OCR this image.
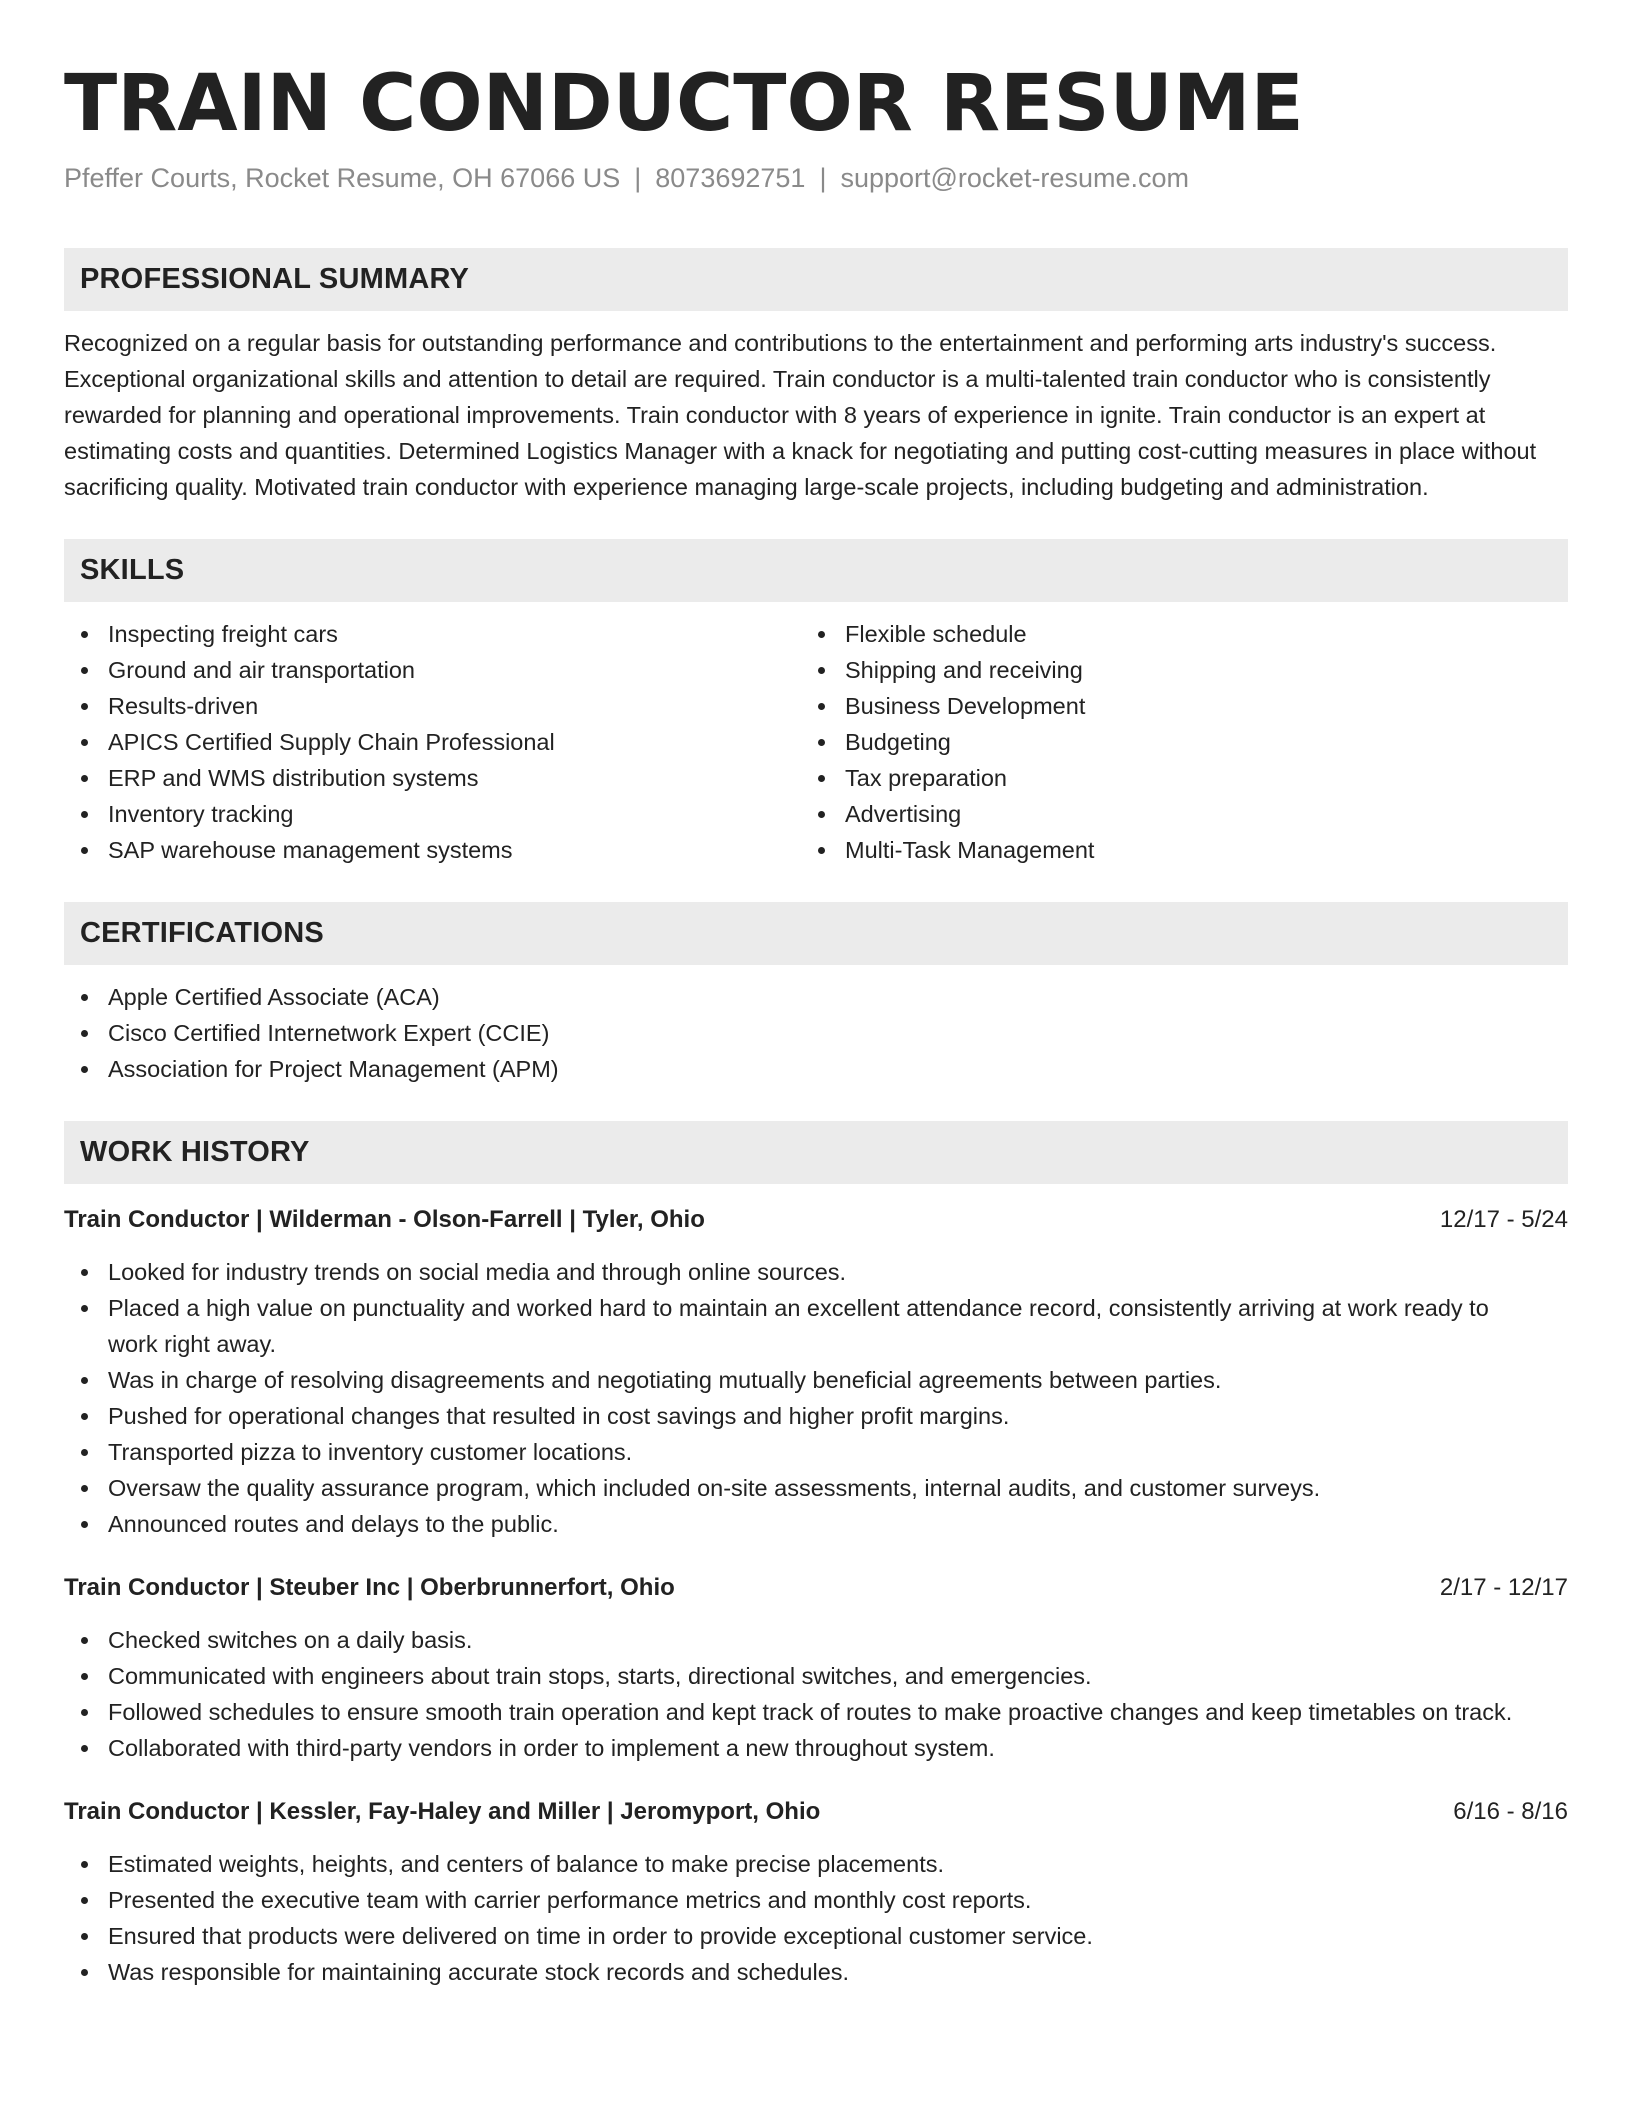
TRAIN CONDUCTOR RESUME
Pfeffer Courts, Rocket Resume, OH 67066 US | 8073692751 | support@rocket-resume.com
PROFESSIONAL SUMMARY

Recognized on a regular basis for outstanding performance and contributions to the entertainment and performing arts industry's success. Exceptional organizational skills and attention to detail are required. Train conductor is a multi-talented train conductor who is consistently rewarded for planning and operational improvements. Train conductor with 8 years of experience in ignite. Train conductor is an expert at estimating costs and quantities. Determined Logistics Manager with a knack for negotiating and putting cost-cutting measures in place without sacrificing quality. Motivated train conductor with experience managing large-scale projects, including budgeting and administration.

SKILLS
Inspecting freight cars
Ground and air transportation
Results-driven
APICS Certified Supply Chain Professional
ERP and WMS distribution systems
Inventory tracking
SAP warehouse management systems
Flexible schedule
Shipping and receiving
Business Development
Budgeting
Tax preparation
Advertising
Multi-Task Management
CERTIFICATIONS
Apple Certified Associate (ACA)
Cisco Certified Internetwork Expert (CCIE)
Association for Project Management (APM)
WORK HISTORY
Train Conductor | Wilderman - Olson-Farrell | Tyler, Ohio	12/17 - 5/24
Looked for industry trends on social media and through online sources.
Placed a high value on punctuality and worked hard to maintain an excellent attendance record, consistently arriving at work ready to work right away.
Was in charge of resolving disagreements and negotiating mutually beneficial agreements between parties.
Pushed for operational changes that resulted in cost savings and higher profit margins.
Transported pizza to inventory customer locations.
Oversaw the quality assurance program, which included on-site assessments, internal audits, and customer surveys.
Announced routes and delays to the public.
Train Conductor | Steuber Inc | Oberbrunnerfort, Ohio	2/17 - 12/17
Checked switches on a daily basis.
Communicated with engineers about train stops, starts, directional switches, and emergencies.
Followed schedules to ensure smooth train operation and kept track of routes to make proactive changes and keep timetables on track.
Collaborated with third-party vendors in order to implement a new throughout system.
Train Conductor | Kessler, Fay-Haley and Miller | Jeromyport, Ohio	6/16 - 8/16
Estimated weights, heights, and centers of balance to make precise placements.
Presented the executive team with carrier performance metrics and monthly cost reports.
Ensured that products were delivered on time in order to provide exceptional customer service.
Was responsible for maintaining accurate stock records and schedules.
